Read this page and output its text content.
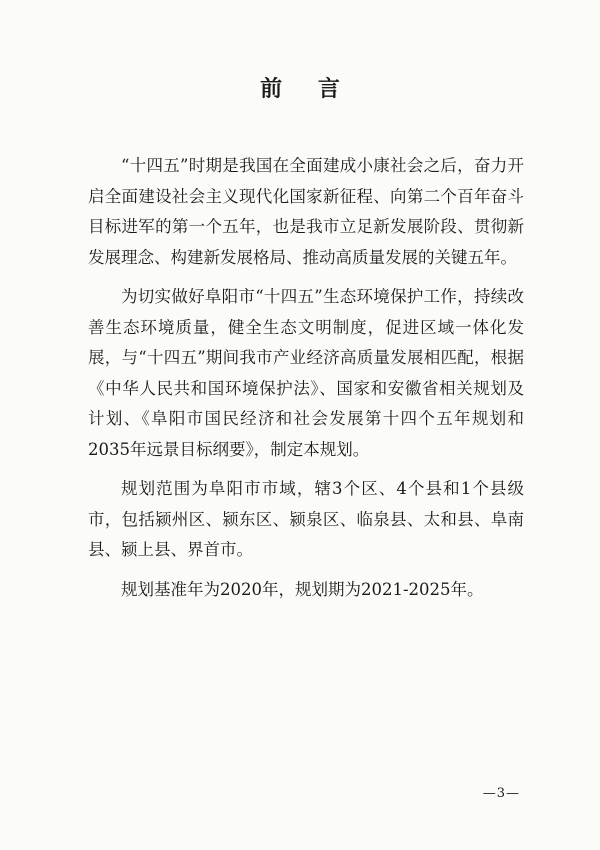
前 言

“十四五”时期是我国在全面建成小康社会之后，奋力开启全面建设社会主义现代化国家新征程、向第二个百年奋斗目标进军的第一个五年，也是我市立足新发展阶段、贯彻新发展理念、构建新发展格局、推动高质量发展的关键五年。

为切实做好阜阳市“十四五”生态环境保护工作，持续改善生态环境质量，健全生态文明制度，促进区域一体化发展，与“十四五”期间我市产业经济高质量发展相匹配，根据《中华人民共和国环境保护法》、国家和安徽省相关规划及计划、《阜阳市国民经济和社会发展第十四个五年规划和2035年远景目标纲要》，制定本规划。

规划范围为阜阳市市域，辖3个区、4个县和1个县级市，包括颍州区、颍东区、颍泉区、临泉县、太和县、阜南县、颍上县、界首市。

规划基准年为2020年，规划期为2021-2025年。

—3—
